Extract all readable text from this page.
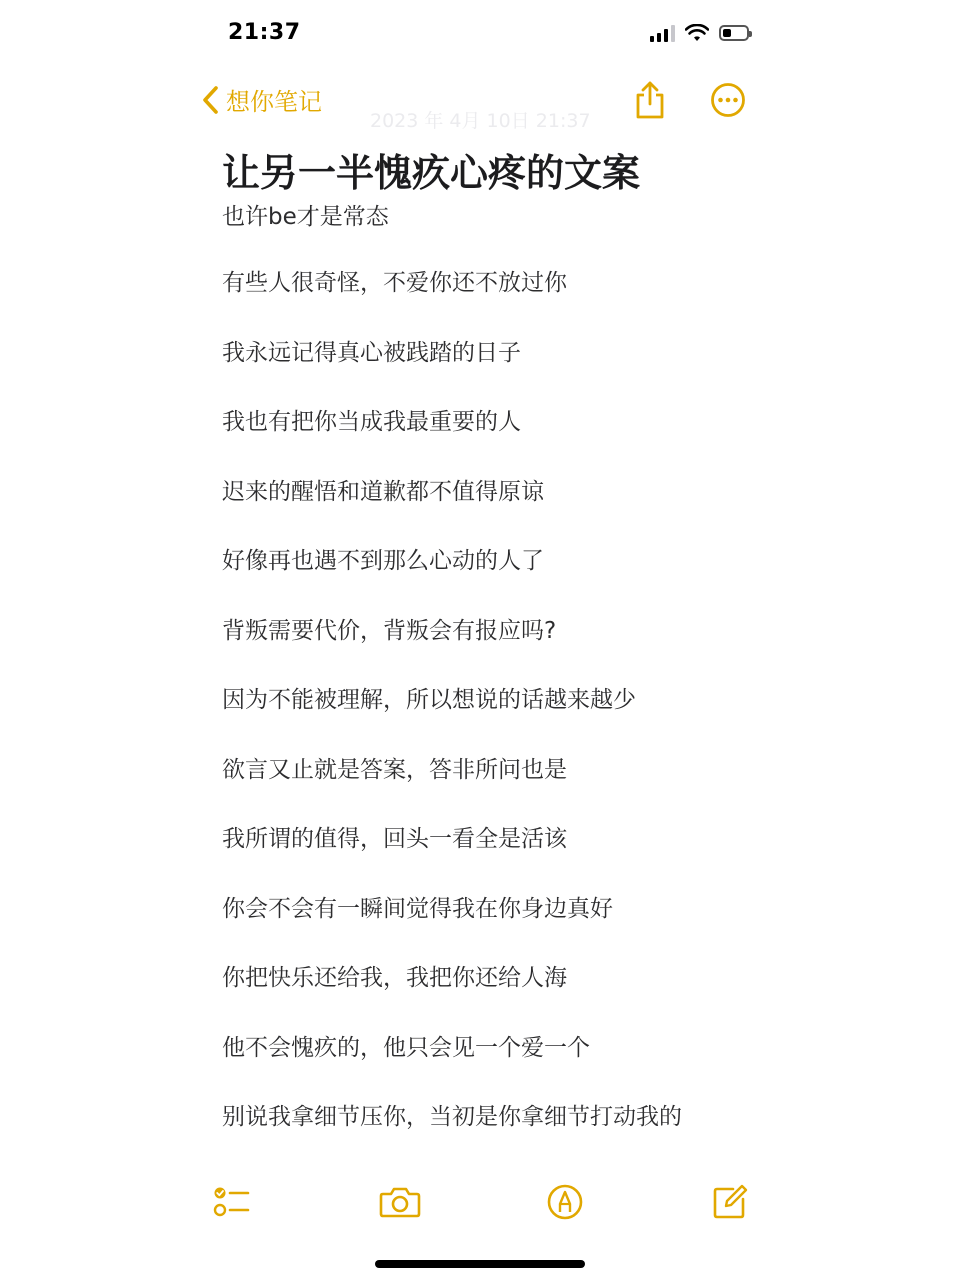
21:37
想你笔记
2023 年 4月 10日 21:37
让另一半愧疚心疼的文案
也许be才是常态
有些人很奇怪，不爱你还不放过你
我永远记得真心被践踏的日子
我也有把你当成我最重要的人
迟来的醒悟和道歉都不值得原谅
好像再也遇不到那么心动的人了
背叛需要代价，背叛会有报应吗?
因为不能被理解，所以想说的话越来越少
欲言又止就是答案，答非所问也是
我所谓的值得，回头一看全是活该
你会不会有一瞬间觉得我在你身边真好
你把快乐还给我，我把你还给人海
他不会愧疚的，他只会见一个爱一个
别说我拿细节压你，当初是你拿细节打动我的
